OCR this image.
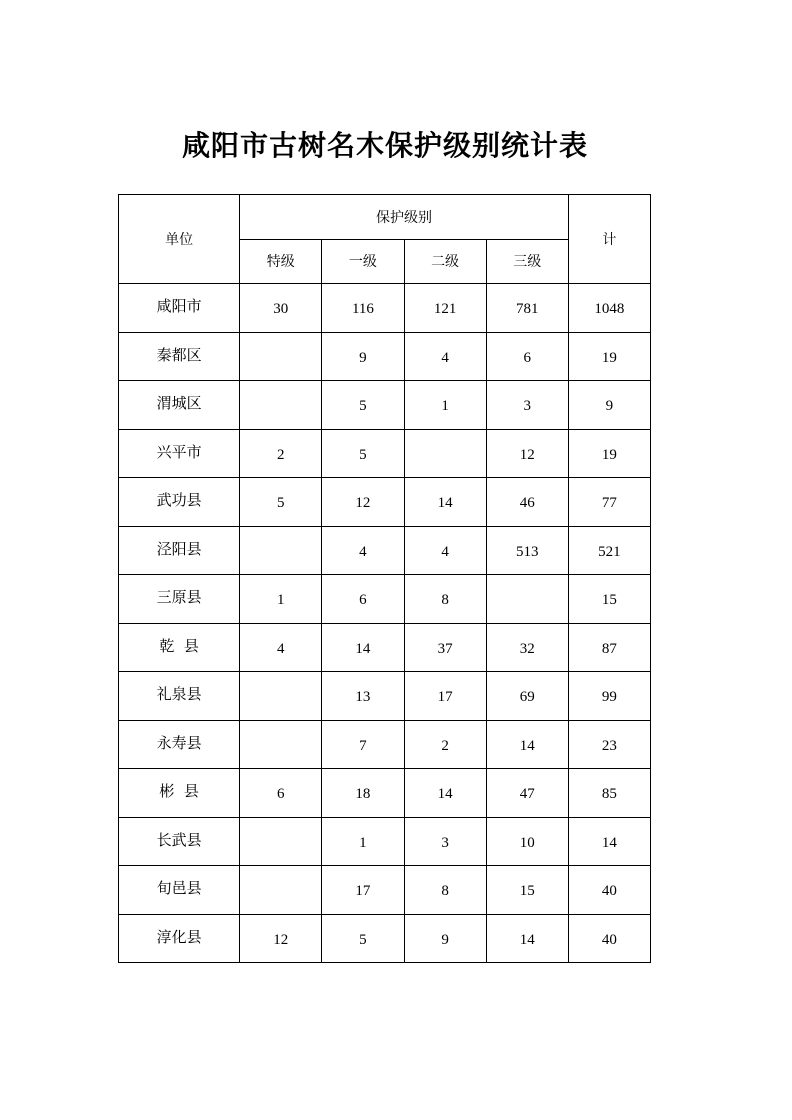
咸阳市古树名木保护级别统计表
单位	保护级别				计
	特级	一级	二级	三级	
咸阳市	30	116	121	781	1048
秦都区		9	4	6	19
渭城区		5	1	3	9
兴平市	2	5		12	19
武功县	5	12	14	46	77
泾阳县		4	4	513	521
三原县	1	6	8		15
乾  县	4	14	37	32	87
礼泉县		13	17	69	99
永寿县		7	2	14	23
彬  县	6	18	14	47	85
长武县		1	3	10	14
旬邑县		17	8	15	40
淳化县	12	5	9	14	40
